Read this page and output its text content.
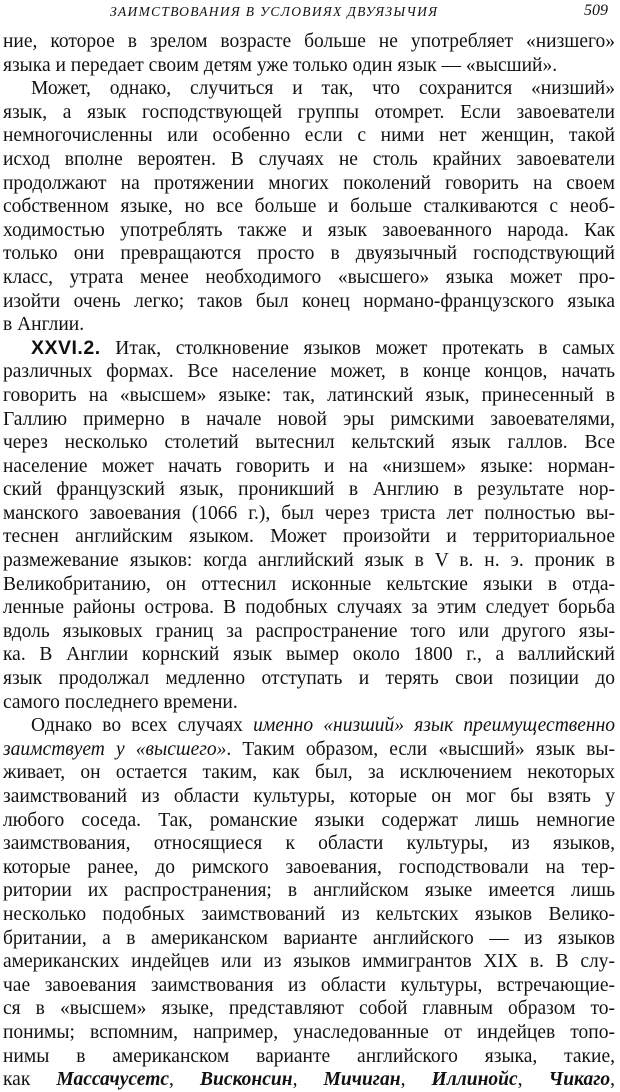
ЗАИМСТВОВАНИЯ В УСЛОВИЯХ ДВУЯЗЫЧИЯ	509
ние, которое в зрелом возрасте больше не употребляет «низшего»
языка и передает своим детям уже только один язык — «высший».
Может, однако, случиться и так, что сохранится «низший»
язык, а язык господствующей группы отомрет. Если завоеватели
немногочисленны или особенно если с ними нет женщин, такой
исход вполне вероятен. В случаях не столь крайних завоеватели
продолжают на протяжении многих поколений говорить на своем
собственном языке, но все больше и больше сталкиваются с необ-
ходимостью употреблять также и язык завоеванного народа. Как
только они превращаются просто в двуязычный господствующий
класс, утрата менее необходимого «высшего» языка может про-
изойти очень легко; таков был конец нормано-французского языка
в Англии.
XXVI.2. Итак, столкновение языков может протекать в самых
различных формах. Все население может, в конце концов, начать
говорить на «высшем» языке: так, латинский язык, принесенный в
Галлию примерно в начале новой эры римскими завоевателями,
через несколько столетий вытеснил кельтский язык галлов. Все
население может начать говорить и на «низшем» языке: норман-
ский французский язык, проникший в Англию в результате нор-
манского завоевания (1066 г.), был через триста лет полностью вы-
теснен английским языком. Может произойти и территориальное
размежевание языков: когда английский язык в V в. н. э. проник в
Великобританию, он оттеснил исконные кельтские языки в отда-
ленные районы острова. В подобных случаях за этим следует борьба
вдоль языковых границ за распространение того или другого язы-
ка. В Англии корнский язык вымер около 1800 г., а валлийский
язык продолжал медленно отступать и терять свои позиции до
самого последнего времени.
Однако во всех случаях именно «низший» язык преимущественно
заимствует у «высшего». Таким образом, если «высший» язык вы-
живает, он остается таким, как был, за исключением некоторых
заимствований из области культуры, которые он мог бы взять у
любого соседа. Так, романские языки содержат лишь немногие
заимствования, относящиеся к области культуры, из языков,
которые ранее, до римского завоевания, господствовали на тер-
ритории их распространения; в английском языке имеется лишь
несколько подобных заимствований из кельтских языков Велико-
британии, а в американском варианте английского — из языков
американских индейцев или из языков иммигрантов XIX в. В слу-
чае завоевания заимствования из области культуры, встречающие-
ся в «высшем» языке, представляют собой главным образом то-
понимы; вспомним, например, унаследованные от индейцев топо-
нимы в американском варианте английского языка, такие,
как Массачусетс, Висконсин, Мичиган, Иллинойс, Чикаго,
